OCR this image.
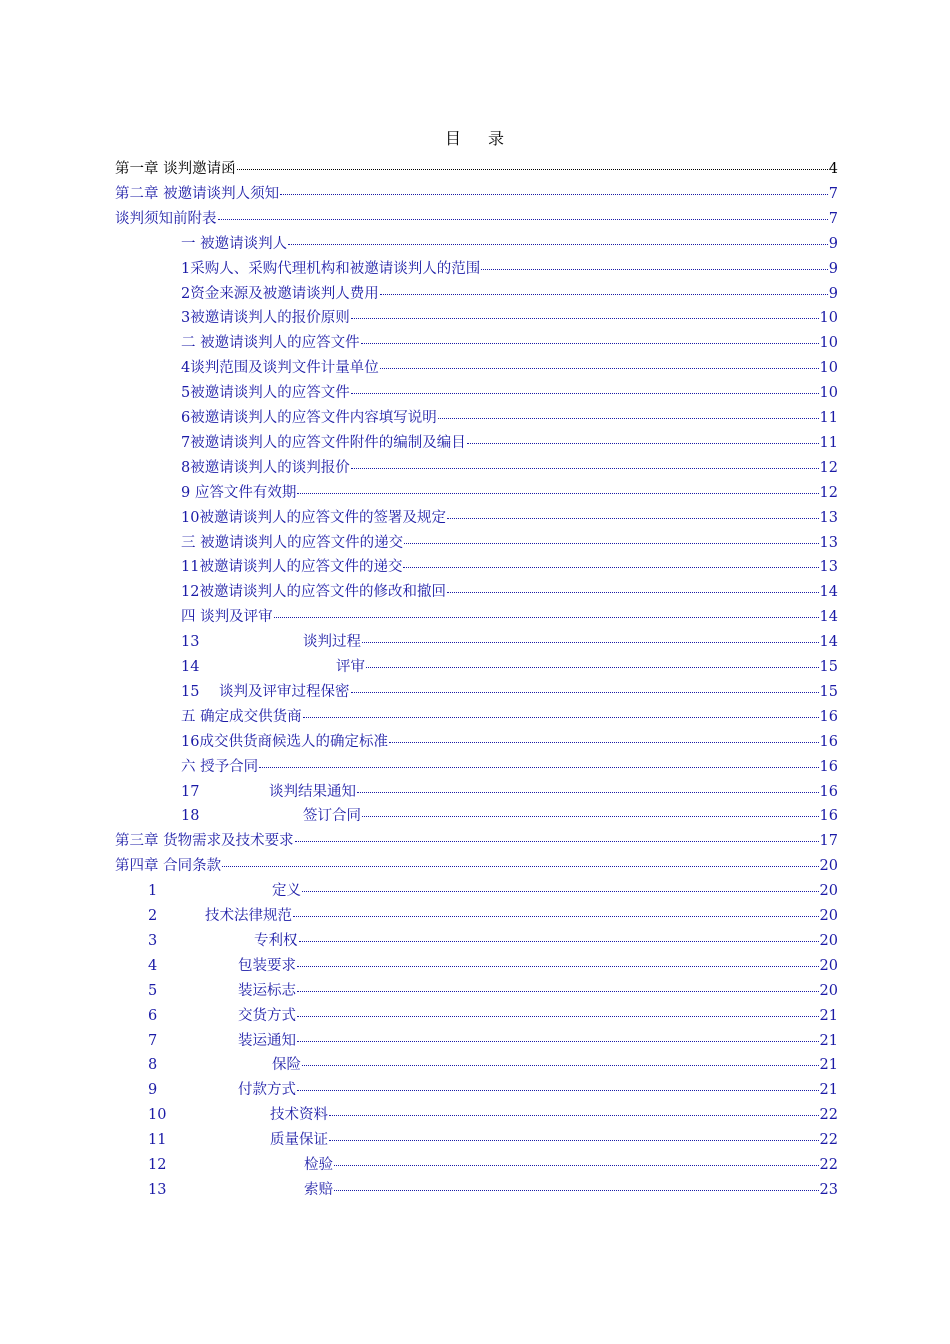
目 录
第一章 谈判邀请函	4
第二章 被邀请谈判人须知	7
谈判须知前附表	7
一 被邀请谈判人	9
1采购人、采购代理机构和被邀请谈判人的范围	9
2资金来源及被邀请谈判人费用	9
3被邀请谈判人的报价原则	10
二 被邀请谈判人的应答文件	10
4谈判范围及谈判文件计量单位	10
5被邀请谈判人的应答文件	10
6被邀请谈判人的应答文件内容填写说明	11
7被邀请谈判人的应答文件附件的编制及编目	11
8被邀请谈判人的谈判报价	12
9 应答文件有效期	12
10被邀请谈判人的应答文件的签署及规定	13
三 被邀请谈判人的应答文件的递交	13
11被邀请谈判人的应答文件的递交	13
12被邀请谈判人的应答文件的修改和撤回	14
四 谈判及评审	14
13	谈判过程	14
14	评审	15
15	谈判及评审过程保密	15
五 确定成交供货商	16
16成交供货商候选人的确定标准	16
六 授予合同	16
17	谈判结果通知	16
18	签订合同	16
第三章 货物需求及技术要求	17
第四章 合同条款	20
1	定义	20
2	技术法律规范	20
3	专利权	20
4	包装要求	20
5	装运标志	20
6	交货方式	21
7	装运通知	21
8	保险	21
9	付款方式	21
10	技术资料	22
11	质量保证	22
12	检验	22
13	索赔	23
